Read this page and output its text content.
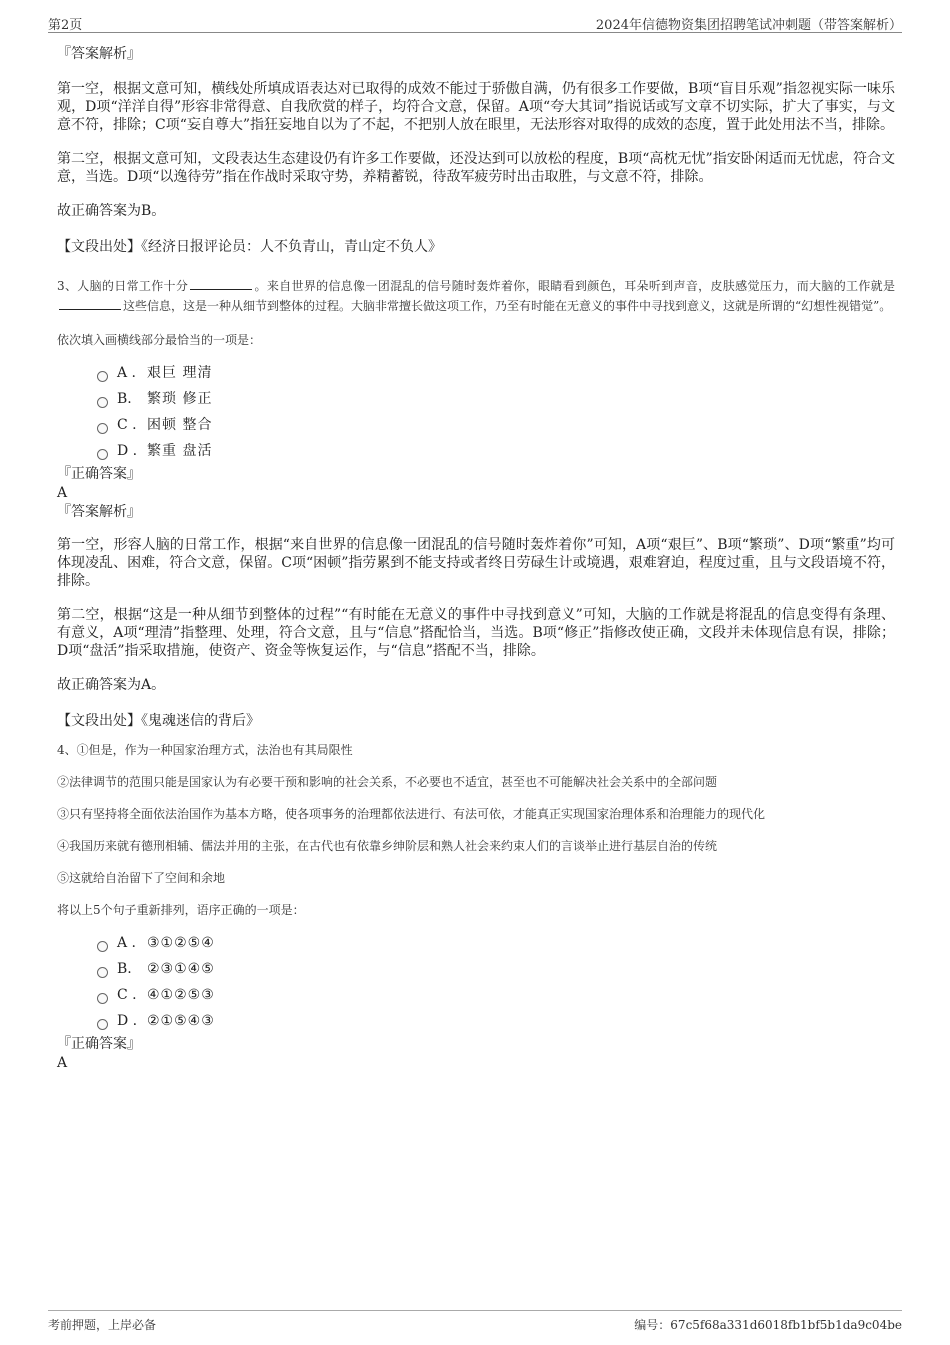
第2页	2024年信德物资集团招聘笔试冲刺题（带答案解析）

『答案解析』

第一空，根据文意可知，横线处所填成语表达对已取得的成效不能过于骄傲自满，仍有很多工作要做，B项“盲目乐观”指忽视实际一味乐观，D项“洋洋自得”形容非常得意、自我欣赏的样子，均符合文意，保留。A项“夸大其词”指说话或写文章不切实际，扩大了事实，与文意不符，排除；C项“妄自尊大”指狂妄地自以为了不起，不把别人放在眼里，无法形容对取得的成效的态度，置于此处用法不当，排除。

第二空，根据文意可知，文段表达生态建设仍有许多工作要做，还没达到可以放松的程度，B项“高枕无忧”指安卧闲适而无忧虑，符合文意，当选。D项“以逸待劳”指在作战时采取守势，养精蓄锐，待敌军疲劳时出击取胜，与文意不符，排除。

故正确答案为B。

【文段出处】《经济日报评论员：人不负青山，青山定不负人》

3、人脑的日常工作十分	。来自世界的信息像一团混乱的信号随时轰炸着你，眼睛看到颜色，耳朵听到声音，皮肤感觉压力，而大脑的工作就是这些信息，这是一种从细节到整体的过程。大脑非常擅长做这项工作，乃至有时能在无意义的事件中寻找到意义，这就是所谓的“幻想性视错觉”。

依次填入画横线部分最恰当的一项是：

A . 艰巨 理清
B.	繁琐 修正
C . 困顿 整合
D . 繁重 盘活

『正确答案』

A

『答案解析』

第一空，形容人脑的日常工作，根据“来自世界的信息像一团混乱的信号随时轰炸着你”可知，A项“艰巨”、B项“繁琐”、D项“繁重”均可体现凌乱、困难，符合文意，保留。C项“困顿”指劳累到不能支持或者终日劳碌生计或境遇，艰难窘迫，程度过重，且与文段语境不符，排除。

第二空，根据“这是一种从细节到整体的过程”“有时能在无意义的事件中寻找到意义”可知，大脑的工作就是将混乱的信息变得有条理、有意义，A项“理清”指整理、处理，符合文意，且与“信息”搭配恰当，当选。B项“修正”指修改使正确，文段并未体现信息有误，排除；D项“盘活”指采取措施，使资产、资金等恢复运作，与“信息”搭配不当，排除。

故正确答案为A。

【文段出处】《鬼魂迷信的背后》

4、①但是，作为一种国家治理方式，法治也有其局限性

②法律调节的范围只能是国家认为有必要干预和影响的社会关系，不必要也不适宜，甚至也不可能解决社会关系中的全部问题

③只有坚持将全面依法治国作为基本方略，使各项事务的治理都依法进行、有法可依，才能真正实现国家治理体系和治理能力的现代化

④我国历来就有德刑相辅、儒法并用的主张，在古代也有依靠乡绅阶层和熟人社会来约束人们的言谈举止进行基层自治的传统

⑤这就给自治留下了空间和余地

将以上5个句子重新排列，语序正确的一项是：

A . ③①②⑤④
B.	②③①④⑤
C . ④①②⑤③
D . ②①⑤④③

『正确答案』

A

考前押题，上岸必备	编号：67c5f68a331d6018fb1bf5b1da9c04be
